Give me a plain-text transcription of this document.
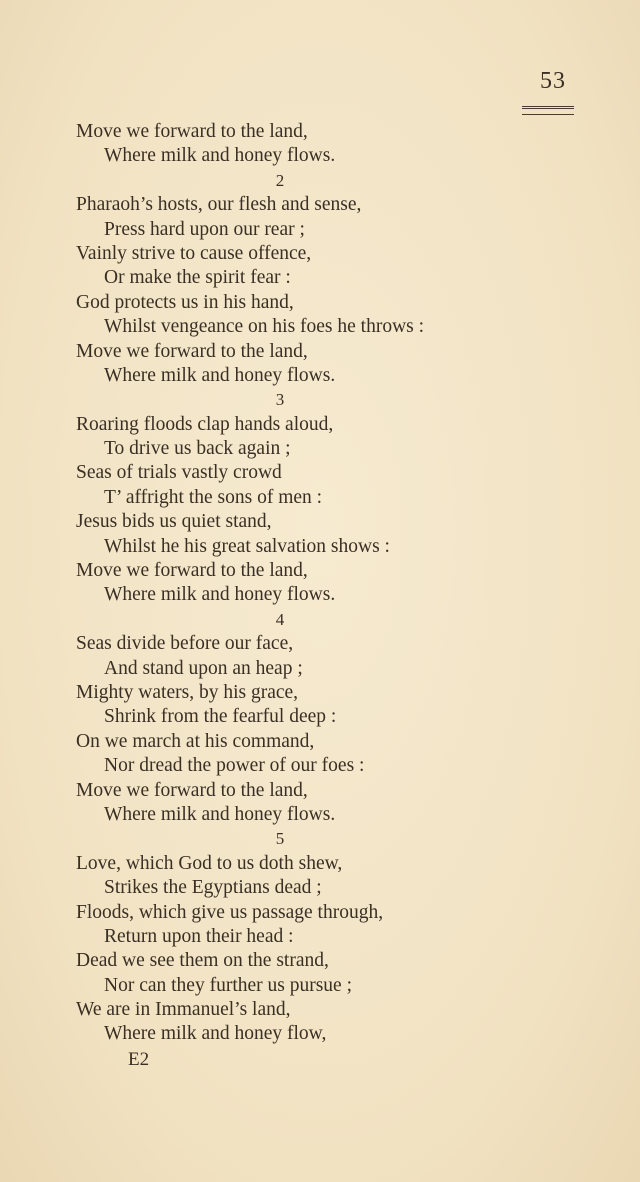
53
Move we forward to the land,
Where milk and honey flows.
2
Pharaoh’s hosts, our flesh and sense,
Press hard upon our rear ;
Vainly strive to cause offence,
Or make the spirit fear :
God protects us in his hand,
Whilst vengeance on his foes he throws :
Move we forward to the land,
Where milk and honey flows.
3
Roaring floods clap hands aloud,
To drive us back again ;
Seas of trials vastly crowd
T’ affright the sons of men :
Jesus bids us quiet stand,
Whilst he his great salvation shows :
Move we forward to the land,
Where milk and honey flows.
4
Seas divide before our face,
And stand upon an heap ;
Mighty waters, by his grace,
Shrink from the fearful deep :
On we march at his command,
Nor dread the power of our foes :
Move we forward to the land,
Where milk and honey flows.
5
Love, which God to us doth shew,
Strikes the Egyptians dead ;
Floods, which give us passage through,
Return upon their head :
Dead we see them on the strand,
Nor can they further us pursue ;
We are in Immanuel’s land,
Where milk and honey flow,
E2
